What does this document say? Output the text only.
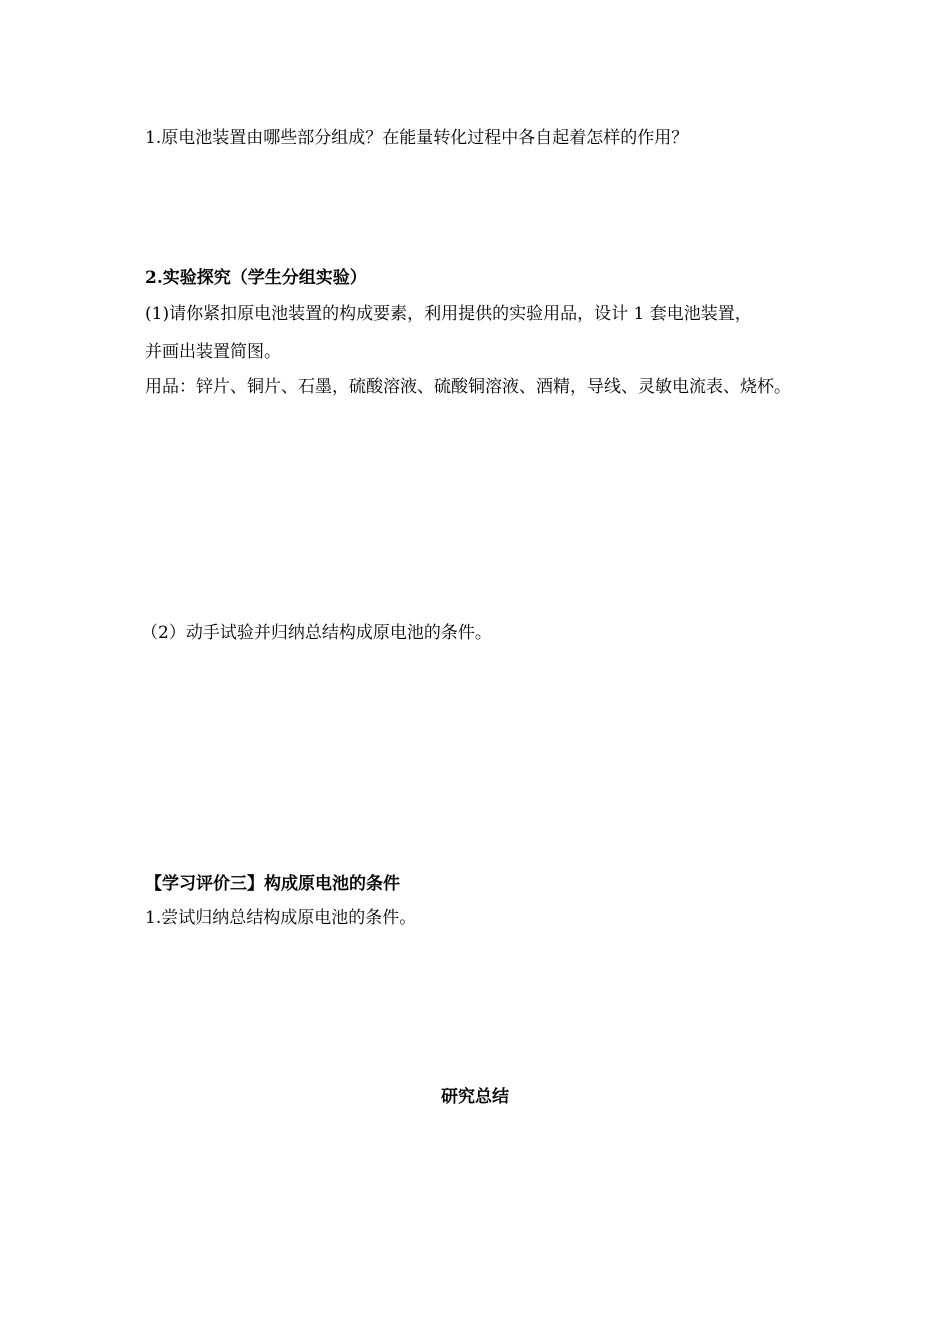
1.原电池装置由哪些部分组成？在能量转化过程中各自起着怎样的作用？
2.实验探究（学生分组实验）
(1)请你紧扣原电池装置的构成要素，利用提供的实验用品，设计 1 套电池装置，
并画出装置简图。
用品：锌片、铜片、石墨，硫酸溶液、硫酸铜溶液、酒精，导线、灵敏电流表、烧杯。
（2）动手试验并归纳总结构成原电池的条件。
【学习评价三】构成原电池的条件
1.尝试归纳总结构成原电池的条件。
研究总结
